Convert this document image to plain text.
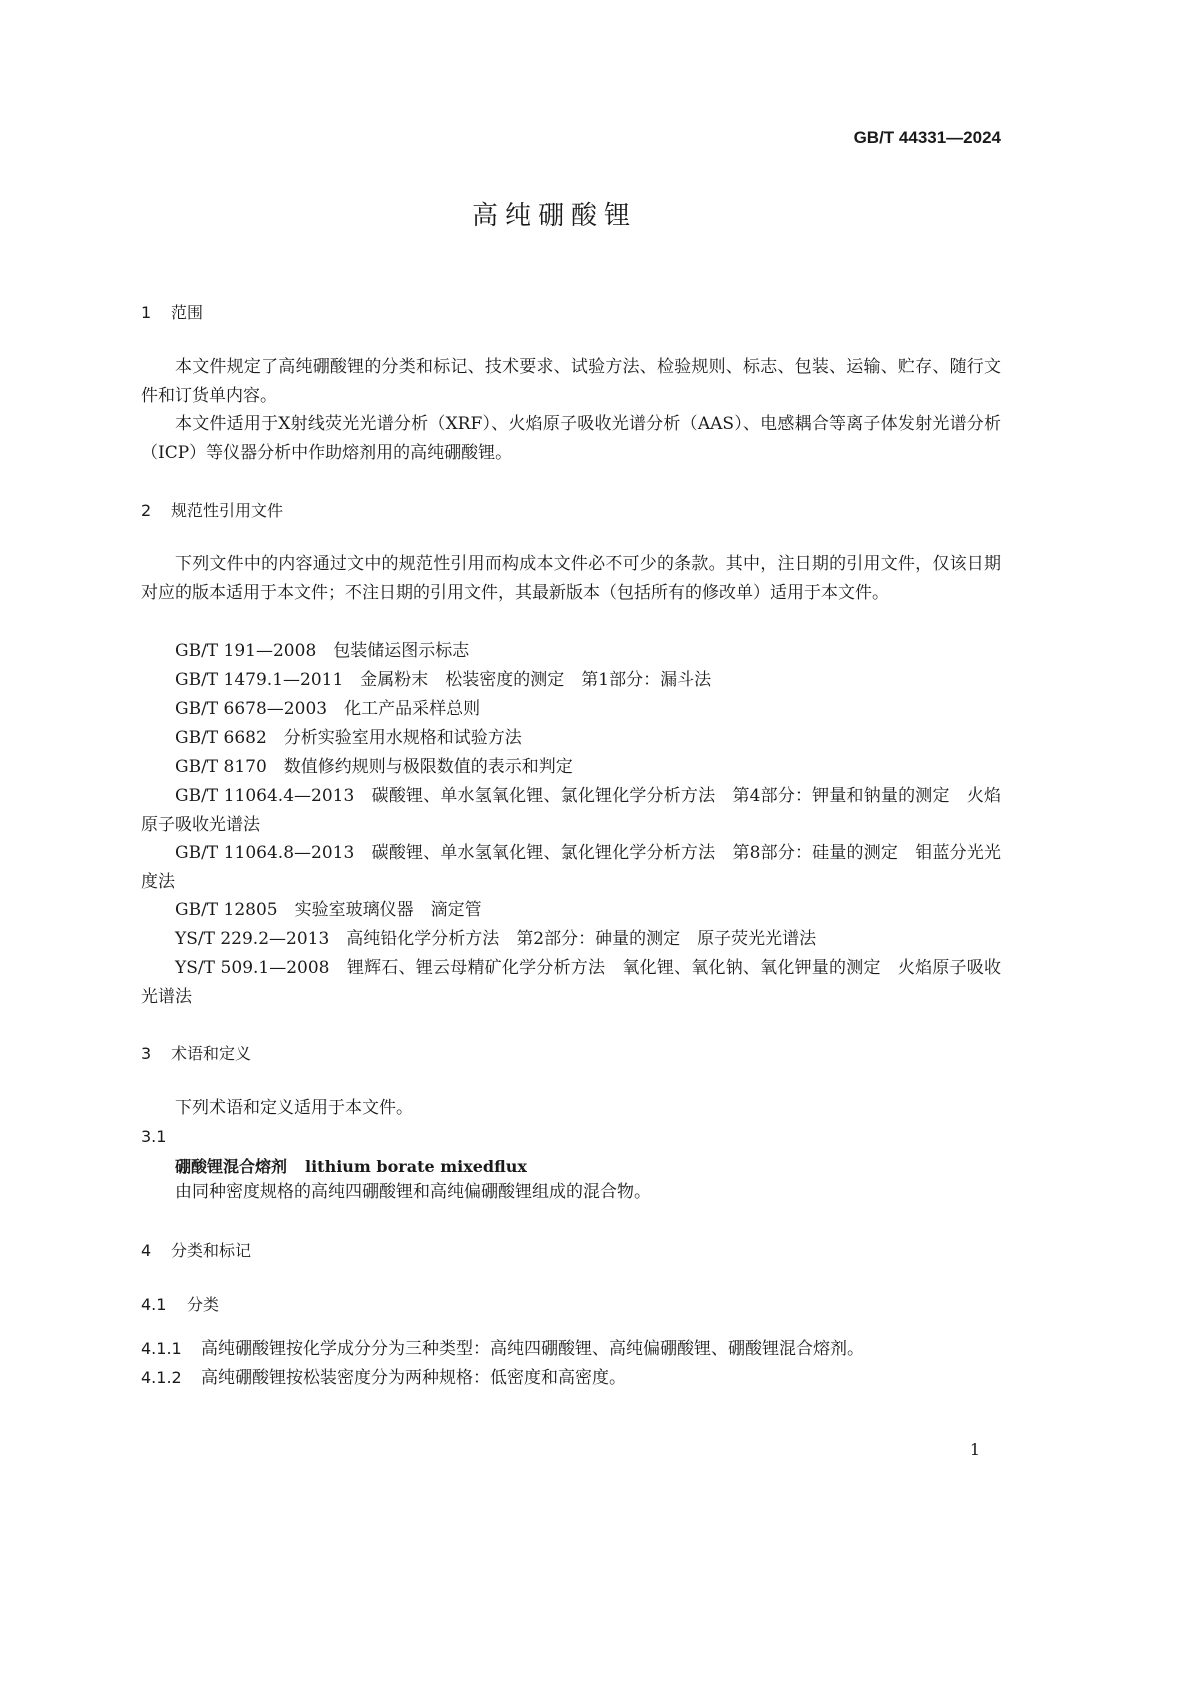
GB/T 44331—2024
高纯硼酸锂
1 范围
本文件规定了高纯硼酸锂的分类和标记、技术要求、试验方法、检验规则、标志、包装、运输、贮存、随行文件和订货单内容。
本文件适用于X射线荧光光谱分析（XRF）、火焰原子吸收光谱分析（AAS）、电感耦合等离子体发射光谱分析（ICP）等仪器分析中作助熔剂用的高纯硼酸锂。
2 规范性引用文件
下列文件中的内容通过文中的规范性引用而构成本文件必不可少的条款。其中，注日期的引用文件，仅该日期对应的版本适用于本文件；不注日期的引用文件，其最新版本（包括所有的修改单）适用于本文件。
GB/T 191—2008　包装储运图示标志
GB/T 1479.1—2011　金属粉末　松装密度的测定　第1部分：漏斗法
GB/T 6678—2003　化工产品采样总则
GB/T 6682　分析实验室用水规格和试验方法
GB/T 8170　数值修约规则与极限数值的表示和判定
GB/T 11064.4—2013　碳酸锂、单水氢氧化锂、氯化锂化学分析方法　第4部分：钾量和钠量的测定　火焰原子吸收光谱法
GB/T 11064.8—2013　碳酸锂、单水氢氧化锂、氯化锂化学分析方法　第8部分：硅量的测定　钼蓝分光光度法
GB/T 12805　实验室玻璃仪器　滴定管
YS/T 229.2—2013　高纯铅化学分析方法　第2部分：砷量的测定　原子荧光光谱法
YS/T 509.1—2008　锂辉石、锂云母精矿化学分析方法　氧化锂、氧化钠、氧化钾量的测定　火焰原子吸收光谱法
3 术语和定义
下列术语和定义适用于本文件。
3.1
硼酸锂混合熔剂 lithium borate mixedflux
由同种密度规格的高纯四硼酸锂和高纯偏硼酸锂组成的混合物。
4 分类和标记
4.1 分类
4.1.1 高纯硼酸锂按化学成分分为三种类型：高纯四硼酸锂、高纯偏硼酸锂、硼酸锂混合熔剂。
4.1.2 高纯硼酸锂按松装密度分为两种规格：低密度和高密度。
1
